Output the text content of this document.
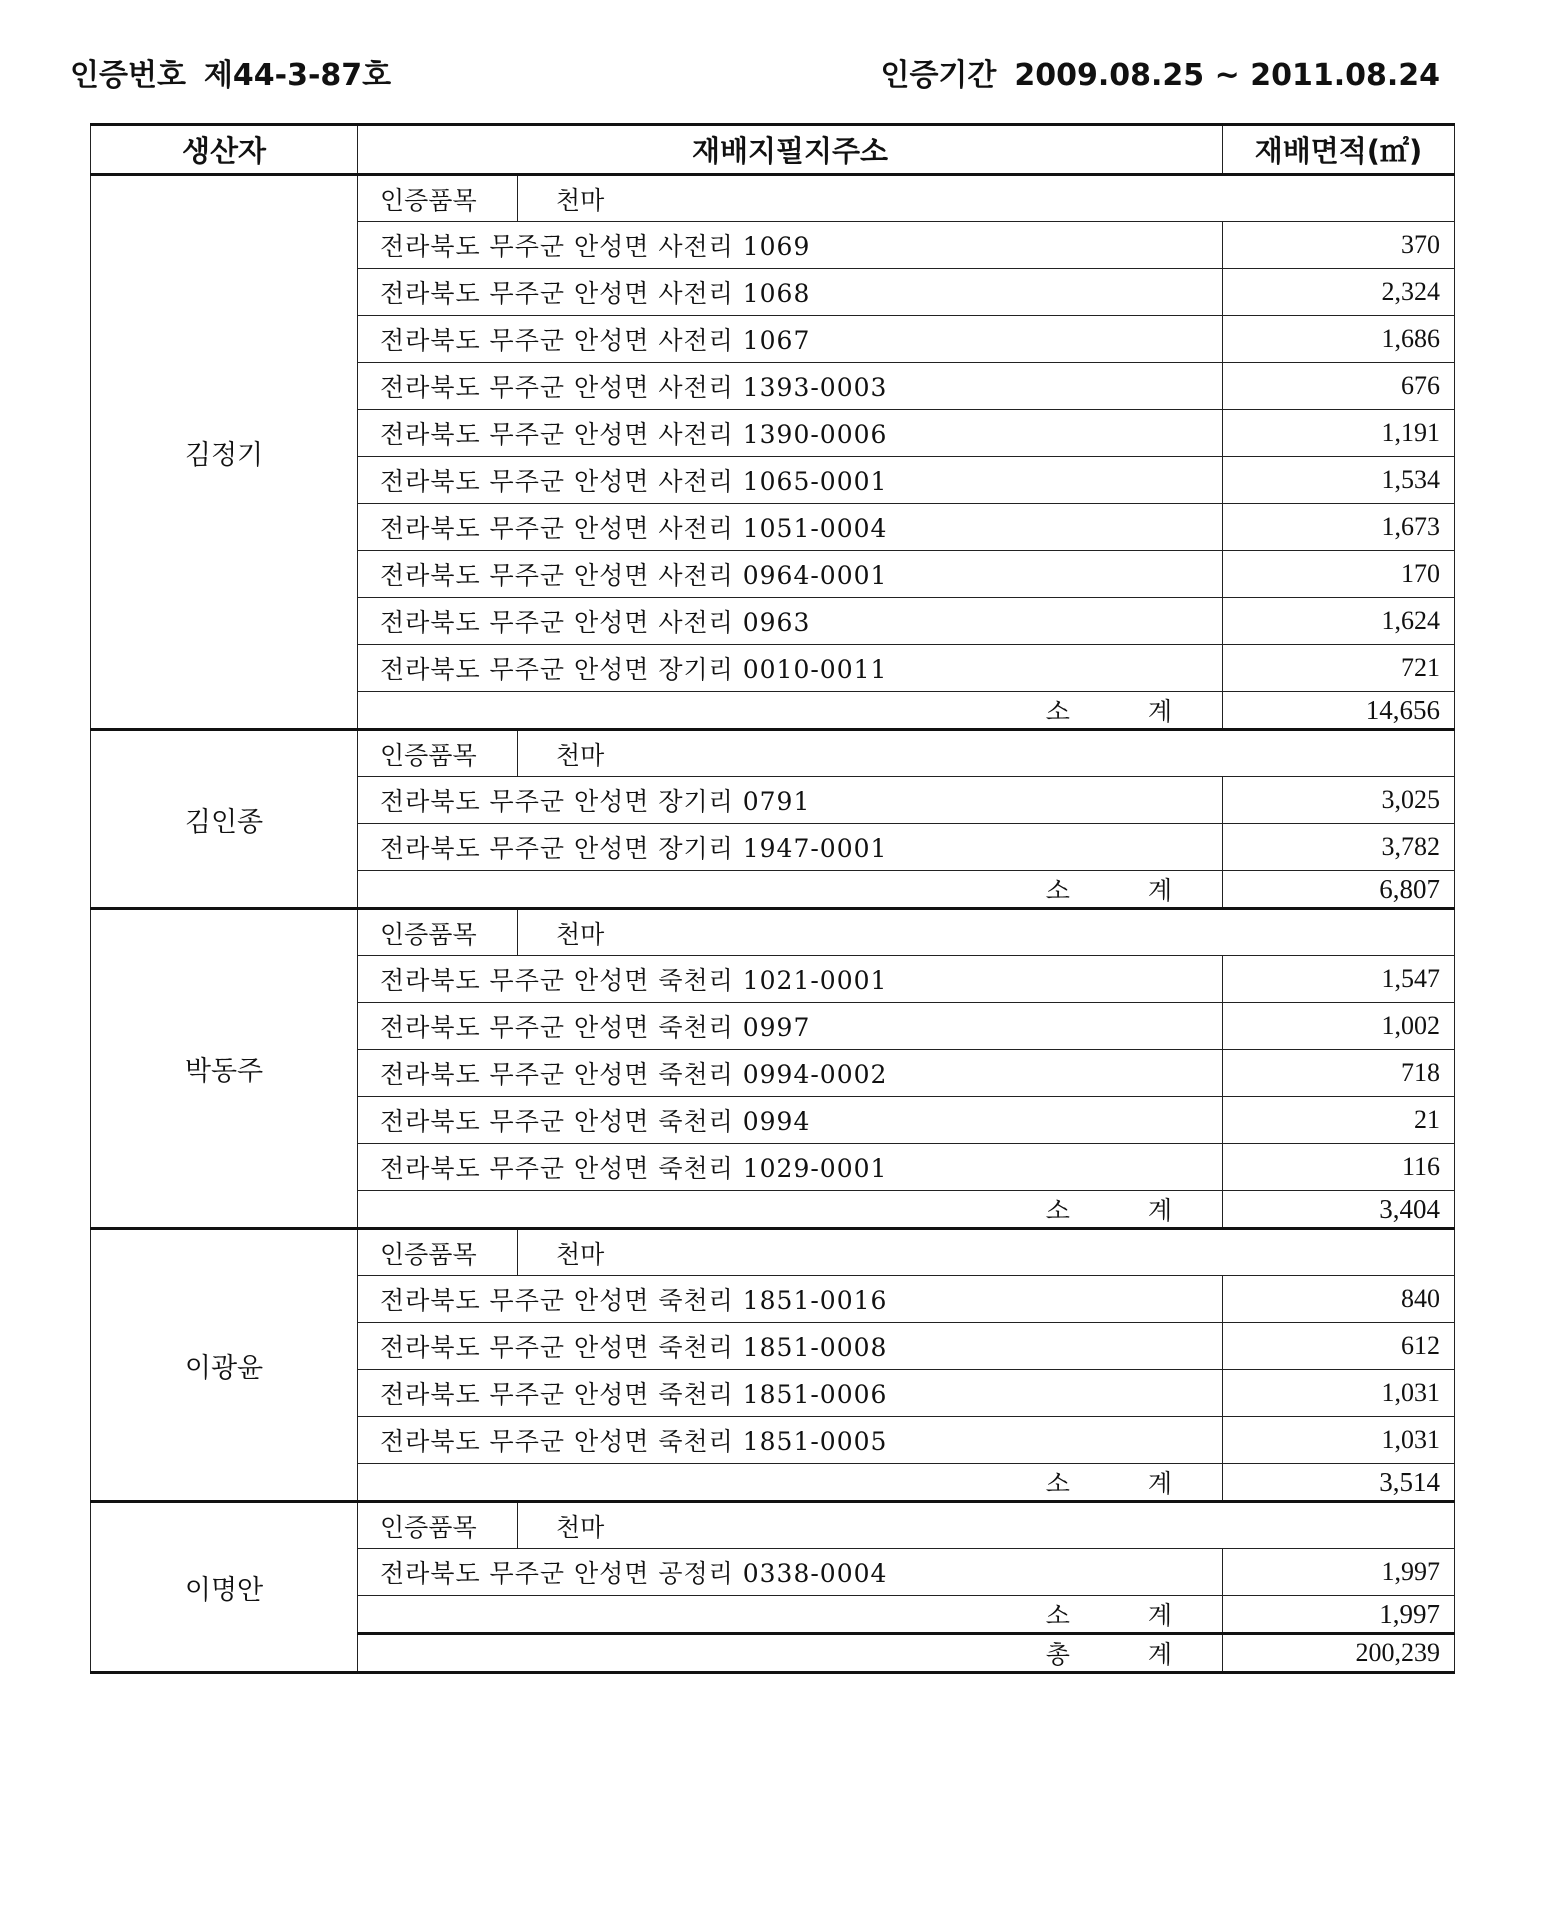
인증번호 제44-3-87호	인증기간 2009.08.25 ~ 2011.08.24
생산자	재배지필지주소		재배면적(㎡)
김정기	인증품목	천마	
	전라북도 무주군 안성면 사전리 1069		370
	전라북도 무주군 안성면 사전리 1068		2,324
	전라북도 무주군 안성면 사전리 1067		1,686
	전라북도 무주군 안성면 사전리 1393-0003		676
	전라북도 무주군 안성면 사전리 1390-0006		1,191
	전라북도 무주군 안성면 사전리 1065-0001		1,534
	전라북도 무주군 안성면 사전리 1051-0004		1,673
	전라북도 무주군 안성면 사전리 0964-0001		170
	전라북도 무주군 안성면 사전리 0963		1,624
	전라북도 무주군 안성면 장기리 0010-0011		721
	소 계		14,656
김인종	인증품목	천마	
	전라북도 무주군 안성면 장기리 0791		3,025
	전라북도 무주군 안성면 장기리 1947-0001		3,782
	소 계		6,807
박동주	인증품목	천마	
	전라북도 무주군 안성면 죽천리 1021-0001		1,547
	전라북도 무주군 안성면 죽천리 0997		1,002
	전라북도 무주군 안성면 죽천리 0994-0002		718
	전라북도 무주군 안성면 죽천리 0994		21
	전라북도 무주군 안성면 죽천리 1029-0001		116
	소 계		3,404
이광윤	인증품목	천마	
	전라북도 무주군 안성면 죽천리 1851-0016		840
	전라북도 무주군 안성면 죽천리 1851-0008		612
	전라북도 무주군 안성면 죽천리 1851-0006		1,031
	전라북도 무주군 안성면 죽천리 1851-0005		1,031
	소 계		3,514
이명안	인증품목	천마	
	전라북도 무주군 안성면 공정리 0338-0004		1,997
	소 계		1,997
	총 계		200,239
